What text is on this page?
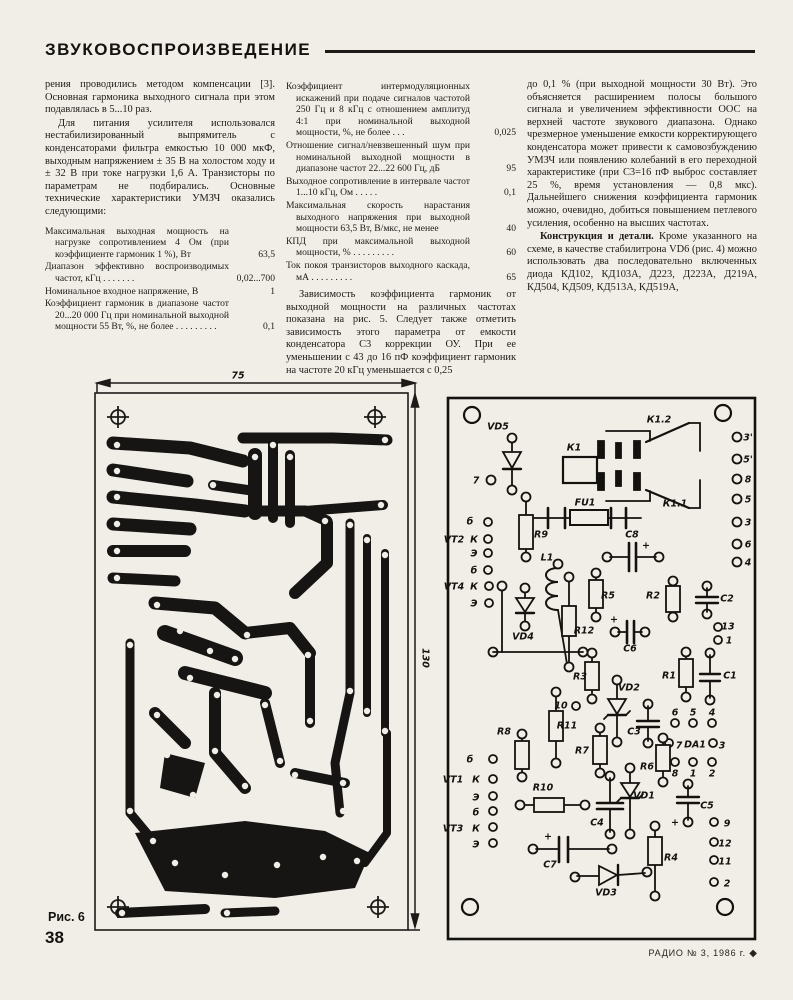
ЗВУКОВОСПРОИЗВЕДЕНИЕ

рения проводились методом компенсации [3]. Основная гармоника выходного сигнала при этом подавлялась в 5...10 раз.

Для питания усилителя использовался нестабилизированный выпрямитель с конденсаторами фильтра емкостью 10 000 мкФ, выходным напряжением ± 35 В на холостом ходу и ± 32 В при токе нагрузки 1,6 А. Транзисторы по параметрам не подбирались. Основные технические характеристики УМЗЧ оказались следующими:

Максимальная выходная мощность на нагрузке сопротивлением 4 Ом (при коэффициенте гармоник 1 %), Вт	63,5
Диапазон эффективно воспроизводимых частот, кГц . . . . . . .	0,02...700
Номинальное входное напряжение, В	1
Коэффициент гармоник в диапазоне частот 20...20 000 Гц при номинальной выходной мощности 55 Вт, %, не более . . . . . . . . .	0,1
Коэффициент интермодуляционных искажений при подаче сигналов частотой 250 Гц и 8 кГц с отношением амплитуд 4:1 при номинальной выходной мощности, %, не более . . .	0,025
Отношение сигнал/невзвешенный шум при номинальной выходной мощности в диапазоне частот 22...22 600 Гц, дБ	95
Выходное сопротивление в интервале частот 1...10 кГц, Ом . . . . .	0,1
Максимальная скорость нарастания выходного напряжения при выходной мощности 63,5 Вт, В/мкс, не менее	40
КПД при максимальной выходной мощности, % . . . . . . . . .	60
Ток покоя транзисторов выходного каскада, мА . . . . . . . . .	65

Зависимость коэффициента гармоник от выходной мощности на различных частотах показана на рис. 5. Следует также отметить зависимость этого параметра от емкости конденсатора С3 коррекции ОУ. При ее уменьшении с 43 до 16 пФ коэффициент гармоник на частоте 20 кГц уменьшается с 0,25

до 0,1 % (при выходной мощности 30 Вт). Это объясняется расширением полосы большого сигнала и увеличением эффективности ООС на верхней частоте звукового диапазона. Однако чрезмерное уменьшение емкости корректирующего конденсатора может привести к самовозбуждению УМЗЧ или появлению колебаний в его переходной характеристике (при С3=16 пФ выброс составляет 25 %, время установления — 0,8 мкс). Дальнейшего снижения коэффициента гармоник можно, очевидно, добиться повышением петлевого усиления, особенно на высших частотах.

Конструкция и детали. Кроме указанного на схеме, в качестве стабилитрона VD6 (рис. 4) можно использовать два последовательно включенных диода КД102, КД103А, Д223, Д223А, Д219А, КД504, КД509, КД513А, КД519А,

75
130
Рис. 6
VD5
7
К1
К1.2
К1.1
3'
5'
8
5
3
6
4
FU1
R9	С8
+
б
VT2 К
Э
б
VT4 К
Э
L1
VD4
R12
R5	R2	С2
С6
+
13
1
R3
10
VD2
R1	С1
R11
R8
R7
С3
6 5 4
7 DA1 3
8 1 2
R6
б
VT1 К
Э
б
VT3 К
Э
R10
С4
VD1
С5
+	9
12
11
2
+
С7
VD3
R4
38
РАДИО № 3, 1986 г. ◆
